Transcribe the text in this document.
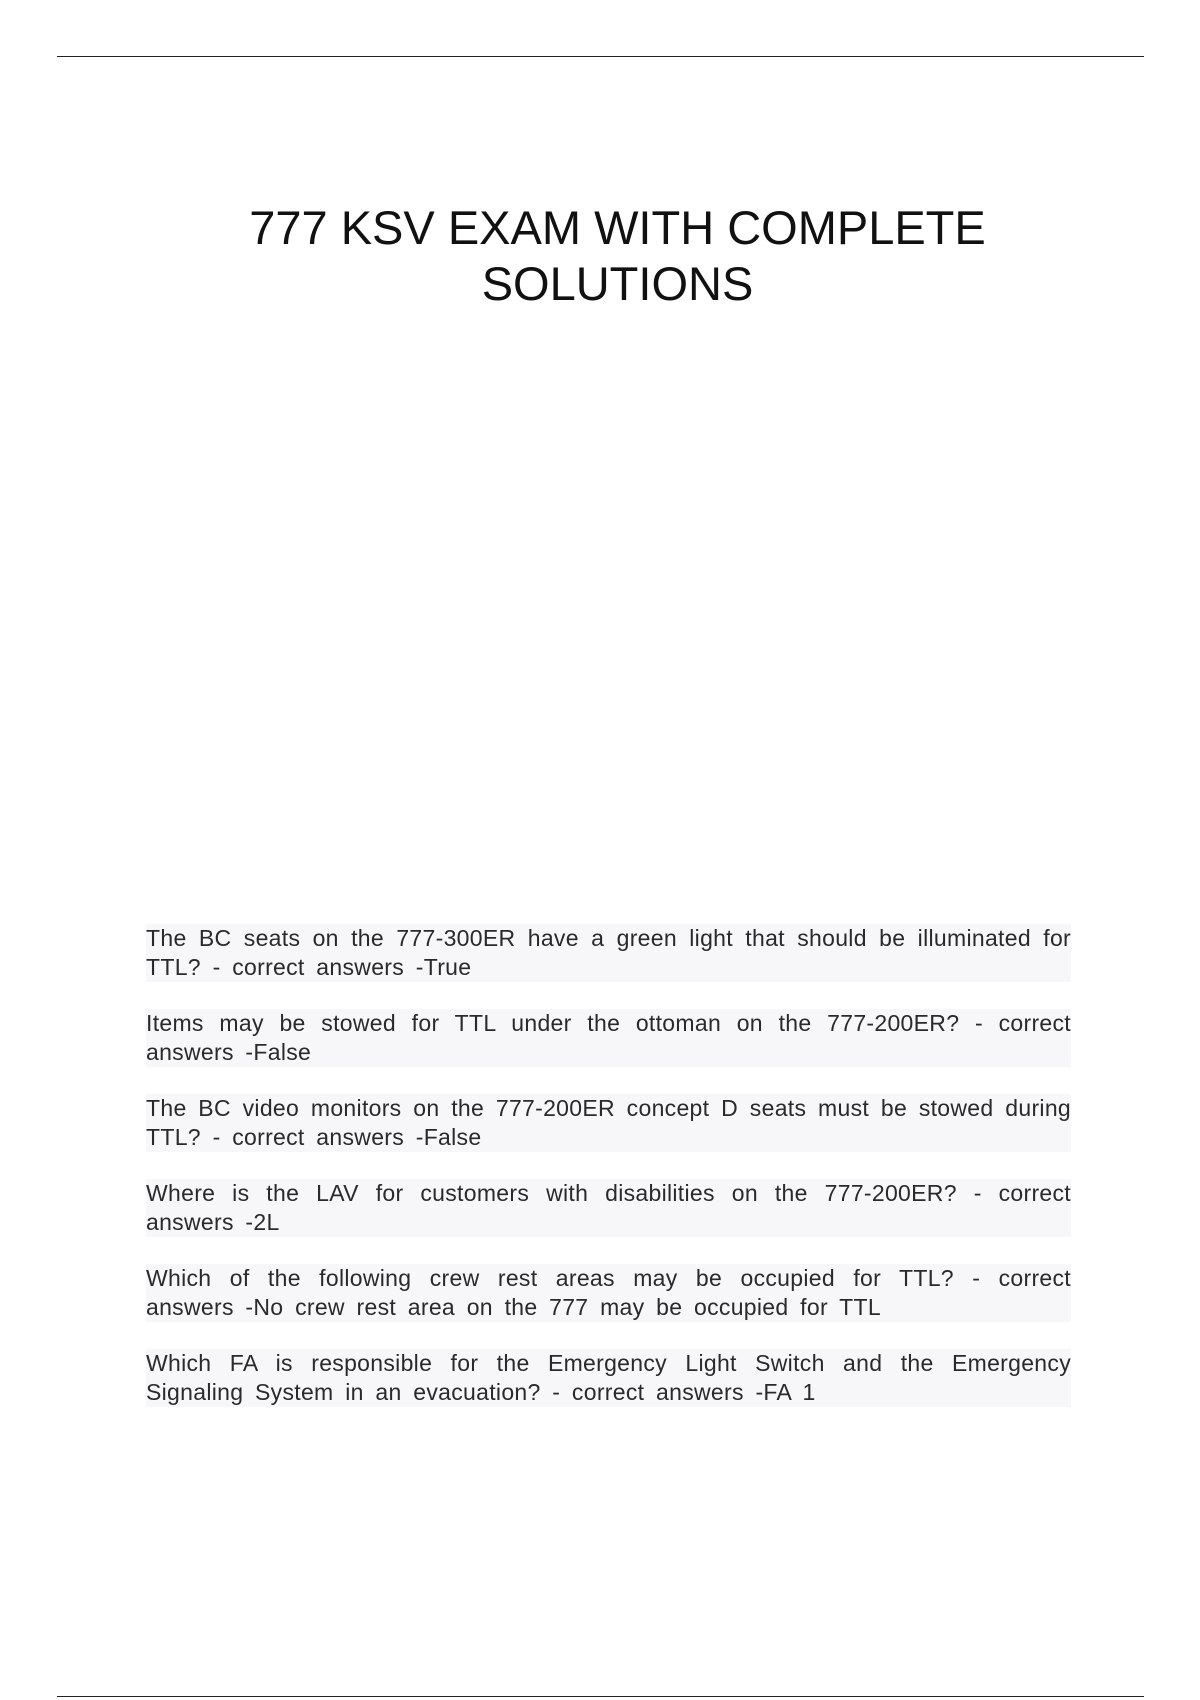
777 KSV EXAM WITH COMPLETE
SOLUTIONS
The BC seats on the 777-300ER have a green light that should be illuminated for TTL? - correct answers -True
Items may be stowed for TTL under the ottoman on the 777-200ER? - correct answers -False
The BC video monitors on the 777-200ER concept D seats must be stowed during TTL? - correct answers -False
Where is the LAV for customers with disabilities on the 777-200ER? - correct answers -2L
Which of the following crew rest areas may be occupied for TTL? - correct answers -No crew rest area on the 777 may be occupied for TTL
Which FA is responsible for the Emergency Light Switch and the Emergency Signaling System in an evacuation? - correct answers -FA 1
